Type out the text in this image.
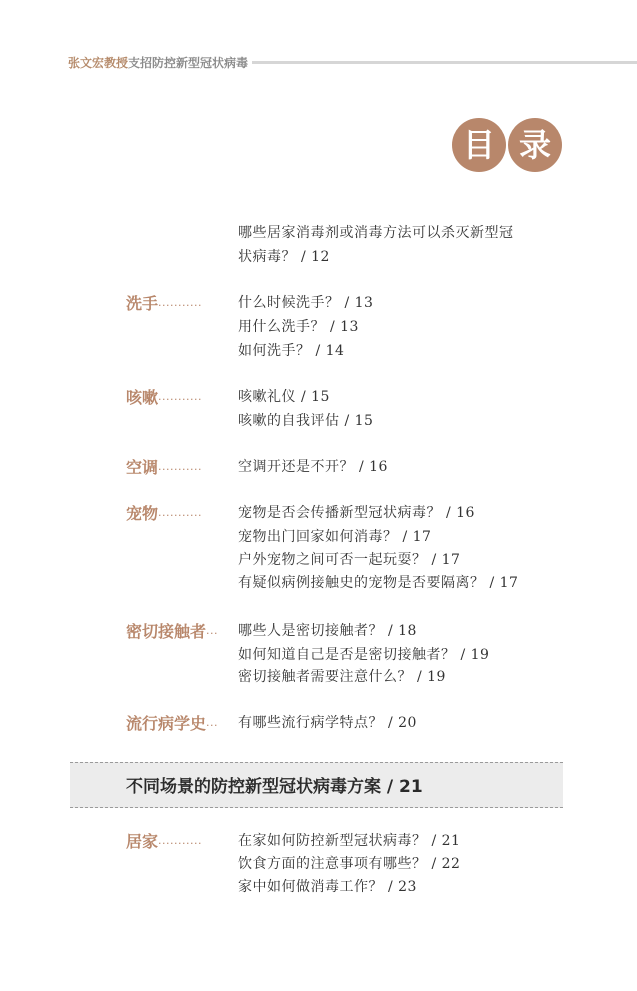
张文宏教授支招防控新型冠状病毒
目 录
哪些居家消毒剂或消毒方法可以杀灭新型冠
状病毒？ / 12
洗手···········	什么时候洗手？ / 13
用什么洗手？ / 13
如何洗手？ / 14
咳嗽···········	咳嗽礼仪 / 15
咳嗽的自我评估 / 15
空调···········	空调开还是不开？ / 16
宠物···········	宠物是否会传播新型冠状病毒？ / 16
宠物出门回家如何消毒？ / 17
户外宠物之间可否一起玩耍？ / 17
有疑似病例接触史的宠物是否要隔离？ / 17
密切接触者··· 哪些人是密切接触者？ / 18
如何知道自己是否是密切接触者？ / 19
密切接触者需要注意什么？ / 19
流行病学史··· 有哪些流行病学特点？ / 20
不同场景的防控新型冠状病毒方案 / 21
居家···········	在家如何防控新型冠状病毒？ / 21
饮食方面的注意事项有哪些？ / 22
家中如何做消毒工作？ / 23
